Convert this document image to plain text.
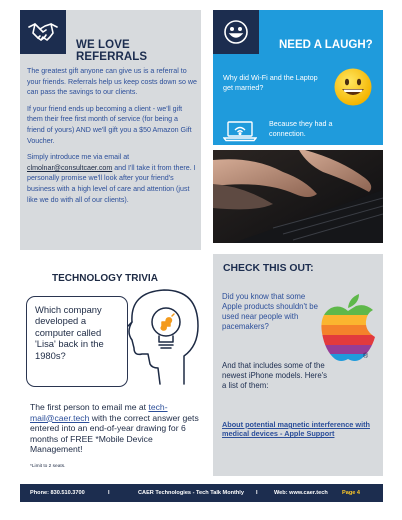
WE LOVE REFERRALS

The greatest gift anyone can give us is a referral to your friends. Referrals help us keep costs down so we can pass the savings to our clients.

If your friend ends up becoming a client - we'll gift them their free first month of service (for being a friend of yours) AND we'll gift you a $50 Amazon Gift Voucher.

Simply introduce me via email at clmolnar@consultcaer.com and I'll take it from there. I personally promise we'll look after your friend's business with a high level of care and attention (just like we do with all of our clients).

NEED A LAUGH?
Why did Wi-Fi and the Laptop get married?
Because they had a connection.
TECHNOLOGY TRIVIA
Which company developed a computer called 'Lisa' back in the 1980s?
The first person to email me at tech-mail@caer.tech with the correct answer gets entered into an end-of-year drawing for 6 months of FREE *Mobile Device Management!
*Limit to 2 seats.
CHECK THIS OUT:
Did you know that some Apple products shouldn't be used near people with pacemakers?
®
And that includes some of the newest iPhone models. Here's a list of them:
About potential magnetic interference with medical devices - Apple Support
Phone: 830.510.3700	I	CAER Technologies - Tech Talk Monthly I	Web: www.caer.tech	Page 4
